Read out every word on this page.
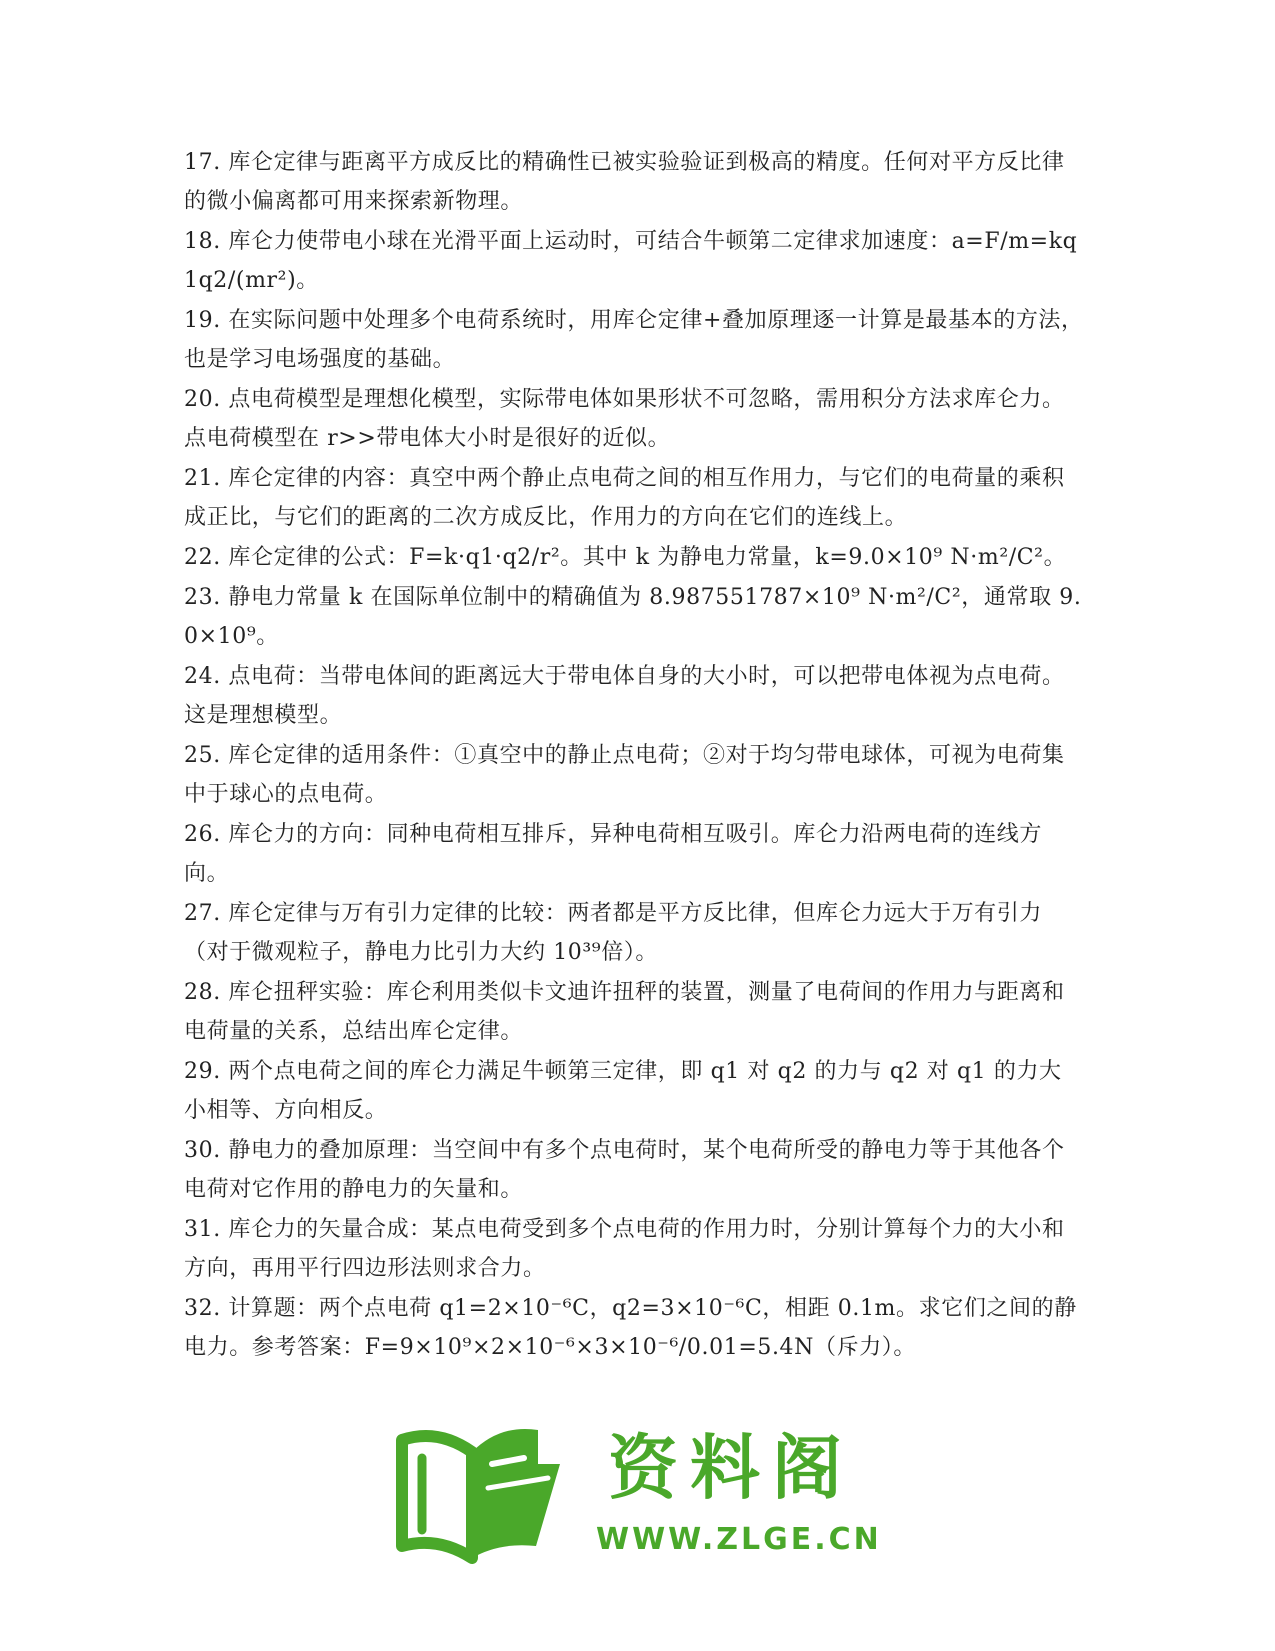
17. 库仑定律与距离平方成反比的精确性已被实验验证到极高的精度。任何对平方反比律的微小偏离都可用来探索新物理。

18. 库仑力使带电小球在光滑平面上运动时，可结合牛顿第二定律求加速度：a=F/m=kq1q2/(mr²)。

19. 在实际问题中处理多个电荷系统时，用库仑定律+叠加原理逐一计算是最基本的方法，也是学习电场强度的基础。

20. 点电荷模型是理想化模型，实际带电体如果形状不可忽略，需用积分方法求库仑力。点电荷模型在 r>>带电体大小时是很好的近似。

21. 库仑定律的内容：真空中两个静止点电荷之间的相互作用力，与它们的电荷量的乘积成正比，与它们的距离的二次方成反比，作用力的方向在它们的连线上。

22. 库仑定律的公式：F=k·q1·q2/r²。其中 k 为静电力常量，k=9.0×10⁹ N·m²/C²。

23. 静电力常量 k 在国际单位制中的精确值为 8.987551787×10⁹ N·m²/C²，通常取 9.0×10⁹。

24. 点电荷：当带电体间的距离远大于带电体自身的大小时，可以把带电体视为点电荷。这是理想模型。

25. 库仑定律的适用条件：①真空中的静止点电荷；②对于均匀带电球体，可视为电荷集中于球心的点电荷。

26. 库仑力的方向：同种电荷相互排斥，异种电荷相互吸引。库仑力沿两电荷的连线方向。

27. 库仑定律与万有引力定律的比较：两者都是平方反比律，但库仑力远大于万有引力（对于微观粒子，静电力比引力大约 10³⁹倍）。

28. 库仑扭秤实验：库仑利用类似卡文迪许扭秤的装置，测量了电荷间的作用力与距离和电荷量的关系，总结出库仑定律。

29. 两个点电荷之间的库仑力满足牛顿第三定律，即 q1 对 q2 的力与 q2 对 q1 的力大小相等、方向相反。

30. 静电力的叠加原理：当空间中有多个点电荷时，某个电荷所受的静电力等于其他各个电荷对它作用的静电力的矢量和。

31. 库仑力的矢量合成：某点电荷受到多个点电荷的作用力时，分别计算每个力的大小和方向，再用平行四边形法则求合力。

32. 计算题：两个点电荷 q1=2×10⁻⁶C，q2=3×10⁻⁶C，相距 0.1m。求它们之间的静电力。参考答案：F=9×10⁹×2×10⁻⁶×3×10⁻⁶/0.01=5.4N（斥力）。

资料阁
WWW.ZLGE.CN
